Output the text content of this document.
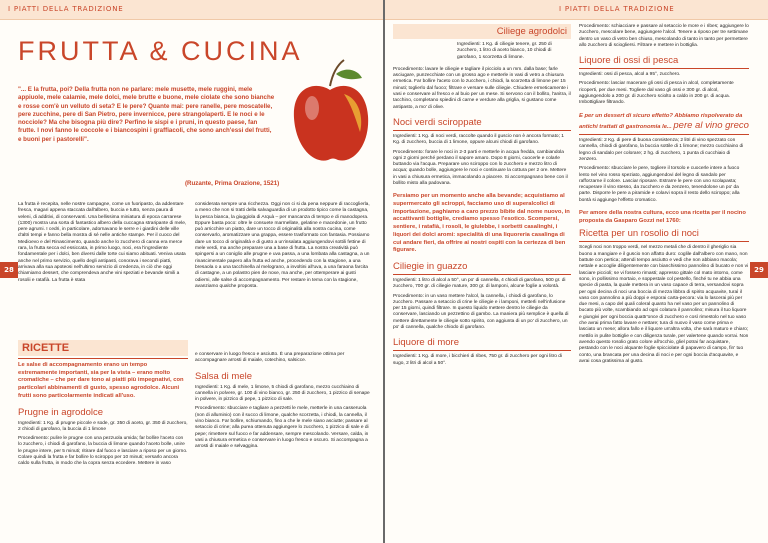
I PIATTI DELLA TRADIZIONE
28
FRUTTA & CUCINA

"... E la frutta, poi? Della frutta non ne parlare: mele musette, mele ruggini, mele appiuole, mele calamie, mele dolci, mele brutte e buone, mele ciolate che sono bianche e rosse com'è un velluto di seta? E le pere? Quante mai: pere ranelle, pere moscatelle, pere zucchine, pere di San Pietro, pere invernicce, pere strangolaperti. E le noci e le nocciole? Ma che bisogna più dire? Perfino le sispi e i pruni, in questo paese, fan frutte. I novi fanno le coccole e i biancospini i graffiacoli, che sono anch'essi del frutti, e buoni per i pastorelli".

(Ruzante, Prima Orazione, 1521)

La frutta è recepita, nelle nostre campagne, come un fuoripasto, da addentare fresca, magari appena staccata dall'albero, buccia e tutto, senza paura di veleni, di additivi, di conservanti. Una bellissima miniatura di epoca carrarese (1300) mostra una sorta di fantastico albero della cuccagna straripante di mele, pere agrumi. I cedri, in particolare, adornavano le serre e i giardini delle ville d'altri tempi e fanno bella mostra di sé nelle antiche stampe. Per il cuoco del Medioevo e del Rinascimento, quando anche lo zucchero di canna era merce rara, la frutta secca ed essiccata, in primo luogo, noci, era l'ingrediente fondamentale per i dolci, ben diversi dalle torte cui siamo abituati. Veniva usata anche nel primo servizio, quello degli antipasti, conorava i secondi piatti, arrivava alla sua apoteosi nell'ultimo servizio di credenza, in ciò che oggi chiamiamo dessert, che comprendeva anche vini speziati e bevande simili a rosolii e ratafià. La frutta è stata
considerata sempre una ricchezza. Oggi non ci si da pena neppure di raccoglierla, a meno che non si tratti della salvaguardia di un prodotto tipico come la castagna, la pesca bianca, la giuggiola di Arquà – per mancanza di tempo e di manodopera. Eppure basta poco: oltre le consuete marmellate, gelatine e macedonie, un frutto può arricchire un piatto, dare un tocco di originalità alla nostra cucina, come conservarlo, aromatizzare una grappa, essere trasformato con fantasia. Possiamo dare un tocco di originalità e di gusto a un'insalata aggiungendovi sottili fettine di mele verdi, ma anche preparare una a base di frutta. La nostra creatività può spingersi a un coniglio alle prugne e uva passa, a una lombata alla castagna, a un rinascimentale papero alla frutta ed anche, procedendo con la stagione, a una bresaola o a una tacchinella al melograno, a involtini all'uva, a una faraona farcita di castagne, a un polastro pien de noxe, ma anche, per ottemperare ai gusti odierni, alle salse di accompagnamento. Per restare in tema con la stagione, avanziamo qualche proposta.
RICETTE

Le salse di accompagnamento erano un tempo estremamente importanti, sia per la vista – erano molto cromatiche – che per dare tono ai piatti più impegnativi, con particolari abbinamenti di gusto, spesso agrodolce. Alcuni frutti sono particolarmente indicati all'uso.

Prugne in agrodolce

Ingredienti: 1 Kg. di prugne piccole e sode, gr. 350 di aceto, gr. 350 di zucchero, 2 chiodi di garofano, la buccia di 1 limone

Procedimento: pulire le prugne con una pezzuola umida; far bollire l'aceto con lo zucchero, i chiodi di garofano, la buccia di limone quando l'aceto bolle, unire le prugne intere, per 5 minuti; ritirare dal fuoco e lasciare a riposo per un giorno. Colare quindi la frutta e far bollire lo sciroppo per 10 minuti; versarlo ancora caldo sulla frutta, in modo che la copra senza eccedere. Mettere in vaso

e conservare in luogo fresco e asciutto. È una preparazione ottima per accompagnare arrosti di maiale, cotechino, salsicce.

Salsa di mele

Ingredienti: 1 Kg. di mele, 1 limone, 5 chiodi di garofano, mezzo cucchiaino di cannella in polvere, gr. 100 di vino bianco, gr. 250 di zucchero, 1 pizzico di senape in polvere, in pizzico di pepe, 1 pizzico di sale.

Procedimento: sbucciare e tagliare a pezzetti le mele, metterle in una casseruola (non di alluminio) con il succo di limone, qualche scorzetta, i chiodi, la cannella, il vino bianco. Far bollire, schiumando, fino a che le mele siano asciutte; passare al setaccio di crine; alla purea ottenuta aggiungere lo zucchero, 1 pizzico di sale e di pepe; rimettere sul fuoco e far addensare, sempre mescolando. Versare, calda, in vasi a chiusura ermetica e conservare in luogo fresco e oscuro. Si accompagna a arrosti di maiale e selvaggina.

I PIATTI DELLA TRADIZIONE
29
Ciliege agrodolci

Ingredienti: 1 Kg. di ciliegie tenere, gr. 250 di zucchero, 1 litro di aceto bianco, 10 chiodi di garofano, 1 scorzetta di limone.

Procedimento: lavare le ciliegie e tagliare il picciolo a un mm. dalla base; farle asciugare, punzecchiate con un grosso ago e metterle in vasi di vetro a chiusura ermetica. Far bollire l'aceto con lo zucchero, i chiodi, la scorzetta di limone per 15 minuti; toglierlo dal fuoco; filtrare e versare sulle ciliegie. Chiudere ermeticamente i vasi e conservare al fresco e al buio per un mese. Si servono con il bollito, l'anitra, il tacchino, completano spiedini di carne e verdure alla griglia, si gustano come antipasto, a mo' di olive.

Noci verdi sciroppate

Ingredienti: 1 Kg. di noci verdi, raccolte quando il guscio non è ancora formato; 1 Kg. di zucchero, buccia di 1 limone, oppure alcuni chiodi di garofano.

Procedimento: forare le noci in 2-3 parti e metterle in acqua fredda, cambiandola ogni 2 giorni perché perdano il sapore amaro. Dopo 8 giorni, cuocerle e colarle buttando via l'acqua. Preparare uno sciroppo con lo zucchero e mezzo litro di acqua; quando bolle, aggiungere le noci e continuare la cottura per 2 ore. Mettere in vasi a chiusura ermetica, immacolando a piacere. Si accompagnano bene con il bollito misto alla padovana.

Persiamo per un momento anche alla bevande; acquistiamo al supermercato gli sciroppi, facciamo uso di superalcolici di importazione, paghiamo a caro prezzo bibite dal nome nuovo, in accattivanti bottiglie, crediamo spesso l'esotico. Scompersi, sentiere, i ratafià, i rosoli, le giulebbe, i sorbetti casalinghi, i liquori dei dolci aromi: specialità di una liquoreria casalinga di cui andare fieri, da offrire ai nostri ospiti con la certezza di ben figurare.

Ciliegie in guazzo

Ingredienti: 1 litro di alcol a 50°, un po' di cannella, 4 chiodi di garofano, 500 gr. di zucchero, 700 gr. di ciliegie mature, 300 gr. di lamponi, alcune foglie a volontà.

Procedimento: in un vaso mettere l'alcol, la cannella, i chiodi di garofano, lo zucchero. Passare a setaccio di crine le ciliegie e i lamponi, metterli nell'infusione per 15 giorni, quindi filtrare. In questo liquido mettere dentro le ciliegie da conservare, lasciando un pezzettino di gambo. La maniera più semplice è quella di mettere direttamente le ciliegie sotto spirito, con aggiunta di un po' di zucchero, un po' di cannella, qualche chiodo di garofano.

Liquore di more

Ingredienti: 1 Kg. di more, i bicchieri di ribes, 750 gr. di zucchero per ogni litro di sugo, 2 litri di alcol a 50°.

Procedimento: schiacciare e passare al setaccio le more e i ribes; aggiungere lo zucchero, mescolare bene, aggiungere l'alcol. Tenere a riposo per tre settimane dentro un vaso di vetro ben chiuso, mescolando di tanto in tanto per permettere allo zucchero di sciogliersi. Filtrare e mettere in bottiglia.

Liquore di ossi di pesca

Ingredienti: ossi di pesca, alcol a 95°, zucchero.

Procedimento: lasciar macerare gli ossi di pesca in alcol, completamente ricoperti, per due mesi. Togliere dal vaso gli ossi e 300 gr. di alcol, aggiungendolo a 200 gr. di zucchero sciolto a caldo in 200 gr. di acqua. Imbottigliare filtrando.

E per un dessert di sicuro effetto? Abbiamo rispolverato da antichi trattati di gastronomia le... pere al vino greco

Ingredienti: 2 Kg. di pere di buona consistenza; 2 litri di vino spezzato con cannella, chiodi di garofano, la buccia sottile di 1 limone; mezzo cucchiaino di legno di sandalo per colorare; 2 hg. di zucchero, 1 punta di cucchiaio di zenzero.

Procedimento: sbucciare le pere, togliere il torsolo e cuocerle intere a fuoco lento nel vino rosso speziato, aggiungendovi del legno di sandalo per rafforzarne il colore. Lasciar riposare. Estrarre le pere con uno scolapasta; recuperare il vino stesso, da zucchero e da zenzero, tenendolone un po' da parte. Disporre le pere a piramide e colarvi sopra il resto dello sciroppo; alla bontà si aggiunge l'effetto cromatico.

Per amore della nostra cultura, ecco una ricetta per il nocino proposta da Gasparo Gozzi nel 1760:

Ricetta per un rosolio di noci

Scegli noci non troppo verdi, nel mezzo metali che di dentro il gheriglio sia buono a mangiare e il guscio non affatto duro: coglile dall'albero con mano, non battute con pertica; attendi tempo asciutto e vedi che non abbiano macola; nettale e accoglie diligentemente con bianchissimo pannolino di bucato e non vi lasciare piccioli; se vi fossero rimasti; appresso gittale col mato intorno, come sono, in pollissimo mortaio, e soppestale col pestello, finché tu ne abbia una specie di pasta, la quale mettera in un vaso capace di terra, versandovi sopra per ogni decina di noci una boccia di mezza libbra di spirito acquavite, turaì il vaso con pannolino a più doppi e esporai carta-pecora: via lo lascerai più per due mesi, a capo del quali coleral quanto ha nel vaso per un pannolino di bucato più volte, scambiando ad ogni colatura il pannolino; misura il tuo liquore e giungivi per ogni boccia quattr'once di zucchero e così rimestolo nel tuo vaso che avrai prima fatto lavare e nettare; tura di nuovo il vaso come prima e lasciato un mese; allora fallo e il liquore un'altra volta, che sarà maturo e chiaro; mettilo in pulite bottiglie e con diligenza turale, per valertene quando vorrai. Non avendo questo rosolio grato colore all'occhio, gliel potrai far acquistare, pestando con le noci alquante foglie spicciolate di papavero di campo, fin' tuo conto, una brancata per una decina di noci e per ogni boccia d'acquavite, e avrai cosa gratissima al gusto.
